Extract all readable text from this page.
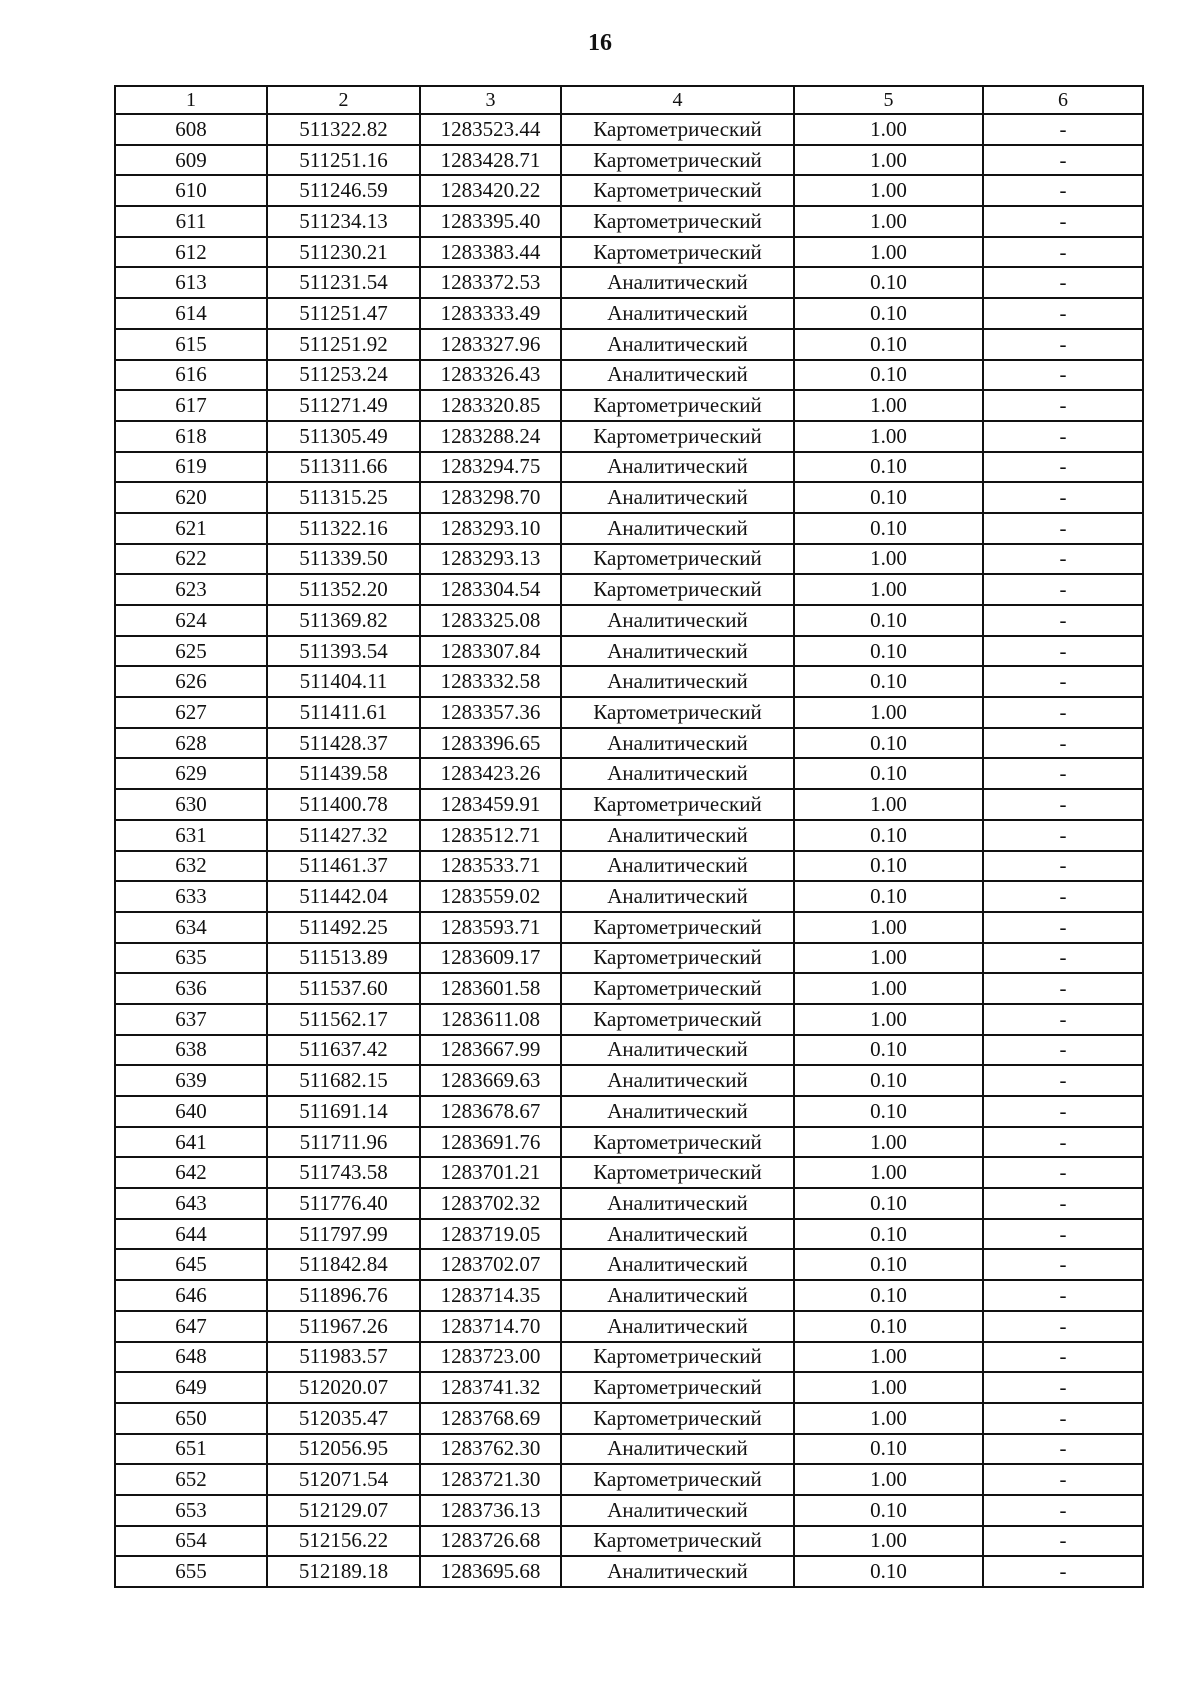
16
1	2	3	4	5	6
608	511322.82	1283523.44	Картометрический	1.00	-
609	511251.16	1283428.71	Картометрический	1.00	-
610	511246.59	1283420.22	Картометрический	1.00	-
611	511234.13	1283395.40	Картометрический	1.00	-
612	511230.21	1283383.44	Картометрический	1.00	-
613	511231.54	1283372.53	Аналитический	0.10	-
614	511251.47	1283333.49	Аналитический	0.10	-
615	511251.92	1283327.96	Аналитический	0.10	-
616	511253.24	1283326.43	Аналитический	0.10	-
617	511271.49	1283320.85	Картометрический	1.00	-
618	511305.49	1283288.24	Картометрический	1.00	-
619	511311.66	1283294.75	Аналитический	0.10	-
620	511315.25	1283298.70	Аналитический	0.10	-
621	511322.16	1283293.10	Аналитический	0.10	-
622	511339.50	1283293.13	Картометрический	1.00	-
623	511352.20	1283304.54	Картометрический	1.00	-
624	511369.82	1283325.08	Аналитический	0.10	-
625	511393.54	1283307.84	Аналитический	0.10	-
626	511404.11	1283332.58	Аналитический	0.10	-
627	511411.61	1283357.36	Картометрический	1.00	-
628	511428.37	1283396.65	Аналитический	0.10	-
629	511439.58	1283423.26	Аналитический	0.10	-
630	511400.78	1283459.91	Картометрический	1.00	-
631	511427.32	1283512.71	Аналитический	0.10	-
632	511461.37	1283533.71	Аналитический	0.10	-
633	511442.04	1283559.02	Аналитический	0.10	-
634	511492.25	1283593.71	Картометрический	1.00	-
635	511513.89	1283609.17	Картометрический	1.00	-
636	511537.60	1283601.58	Картометрический	1.00	-
637	511562.17	1283611.08	Картометрический	1.00	-
638	511637.42	1283667.99	Аналитический	0.10	-
639	511682.15	1283669.63	Аналитический	0.10	-
640	511691.14	1283678.67	Аналитический	0.10	-
641	511711.96	1283691.76	Картометрический	1.00	-
642	511743.58	1283701.21	Картометрический	1.00	-
643	511776.40	1283702.32	Аналитический	0.10	-
644	511797.99	1283719.05	Аналитический	0.10	-
645	511842.84	1283702.07	Аналитический	0.10	-
646	511896.76	1283714.35	Аналитический	0.10	-
647	511967.26	1283714.70	Аналитический	0.10	-
648	511983.57	1283723.00	Картометрический	1.00	-
649	512020.07	1283741.32	Картометрический	1.00	-
650	512035.47	1283768.69	Картометрический	1.00	-
651	512056.95	1283762.30	Аналитический	0.10	-
652	512071.54	1283721.30	Картометрический	1.00	-
653	512129.07	1283736.13	Аналитический	0.10	-
654	512156.22	1283726.68	Картометрический	1.00	-
655	512189.18	1283695.68	Аналитический	0.10	-
